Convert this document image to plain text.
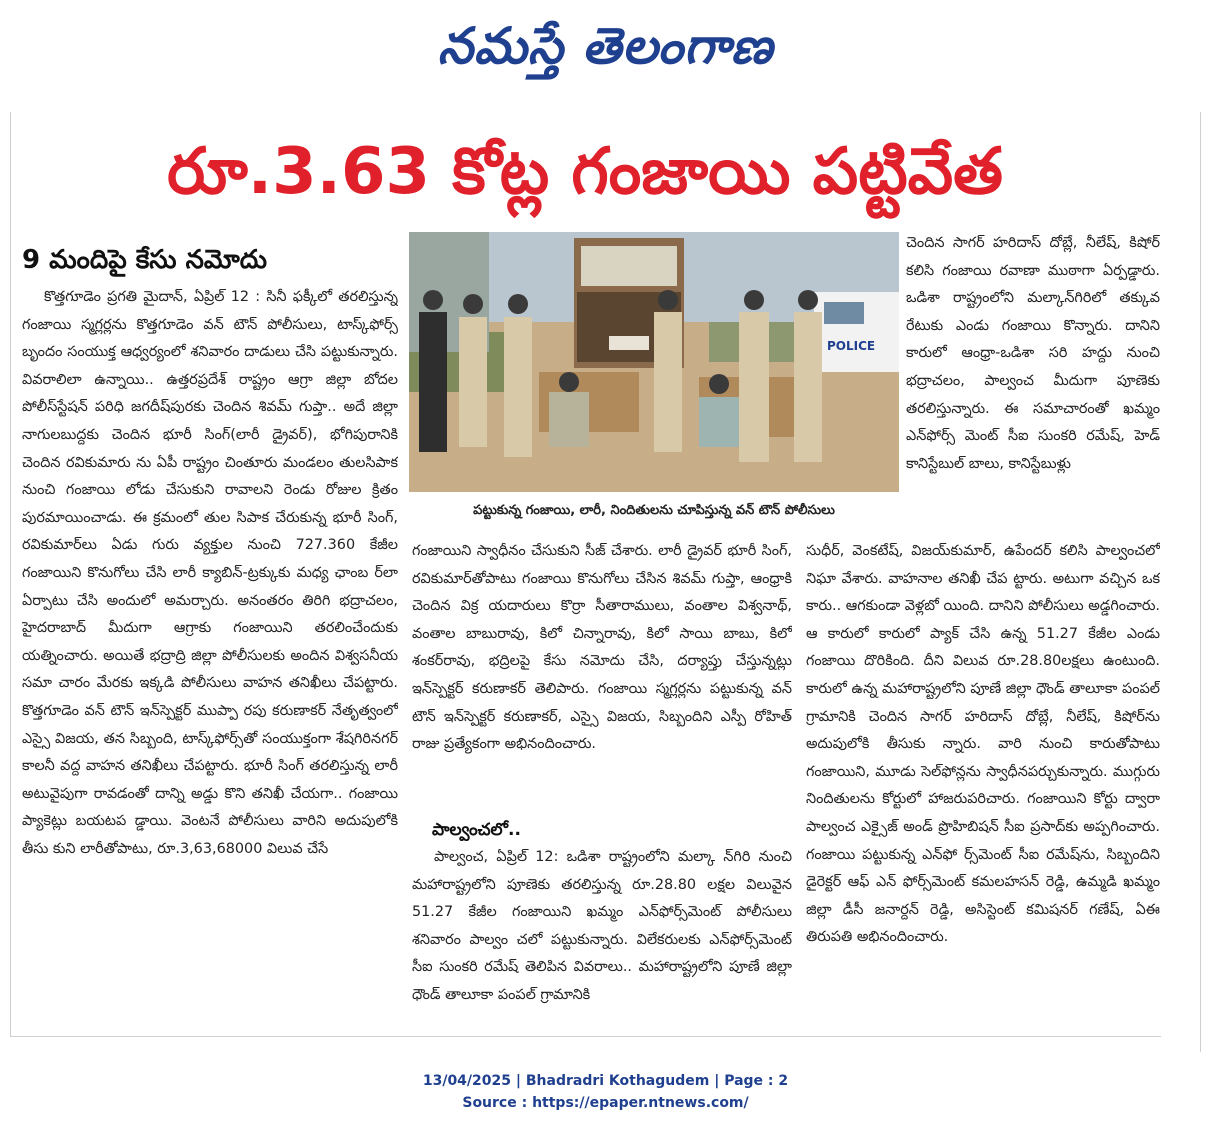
నమస్తే తెలంగాణ
రూ.3.63 కోట్ల గంజాయి పట్టివేత
9 మందిపై కేసు నమోదు

కొత్తగూడెం ప్రగతి మైదాన్, ఏప్రిల్ 12 : సినీ ఫక్కీలో తరలిస్తున్న గంజాయి స్మగ్లర్లను కొత్తగూడెం వన్ టౌన్ పోలీసులు, టాస్క్‌ఫోర్స్ బృందం సంయుక్త ఆధ్వర్యంలో శనివారం దాడులు చేసి పట్టుకున్నారు. వివరాలిలా ఉన్నాయి.. ఉత్తరప్రదేశ్ రాష్ట్రం ఆగ్రా జిల్లా బోదల పోలీస్‌స్టేషన్ పరిధి జగదీష్‌పురకు చెందిన శివమ్ గుప్తా.. అదే జిల్లా నాగులబుద్దకు చెందిన భూరీ సింగ్(లారీ డ్రైవర్), భోగిపురానికి చెందిన రవికుమారు ను ఏపీ రాష్ట్రం చింతూరు మండలం తులసిపాక నుంచి గంజాయి లోడు చేసుకుని రావాలని రెండు రోజుల క్రితం పురమాయించాడు. ఈ క్రమంలో తుల సిపాక చేరుకున్న భూరీ సింగ్, రవికుమార్‌లు ఏడు గురు వ్యక్తుల నుంచి 727.360 కేజీల గంజాయిని కొనుగోలు చేసి లారీ క్యాబిన్-ట్రక్కుకు మధ్య ఛాంబ ర్‌లా ఏర్పాటు చేసి అందులో అమర్చారు. అనంతరం తిరిగి భద్రాచలం, హైదరాబాద్ మీదుగా ఆగ్రాకు గంజాయిని తరలించేందుకు యత్నించారు. అయితే భద్రాద్రి జిల్లా పోలీసులకు అందిన విశ్వసనీయ సమా చారం మేరకు ఇక్కడి పోలీసులు వాహన తనిఖీలు చేపట్టారు. కొత్తగూడెం వన్ టౌన్ ఇన్‌స్పెక్టర్ ముప్పా రపు కరుణాకర్ నేతృత్వంలో ఎస్సై విజయ, తన సిబ్బంది, టాస్క్‌ఫోర్స్‌తో సంయుక్తంగా శేషగిరినగర్ కాలనీ వద్ద వాహన తనిఖీలు చేపట్టారు. భూరీ సింగ్ తరలిస్తున్న లారీ అటువైపుగా రావడంతో దాన్ని అడ్డు కొని తనిఖీ చేయగా.. గంజాయి ప్యాకెట్లు బయటప డ్డాయి. వెంటనే పోలీసులు వారిని అదుపులోకి తీసు కుని లారీతోపాటు, రూ.3,63,68000 విలువ చేసే

POLICE
పట్టుకున్న గంజాయి, లారీ, నిందితులను చూపిస్తున్న వన్ టౌన్ పోలీసులు

చెందిన సాగర్ హరిదాస్ దోబ్లే, నీలేష్, కిషోర్ కలిసి గంజాయి రవాణా ముఠాగా ఏర్పడ్డారు. ఒడిశా రాష్ట్రంలోని మల్కాన్‌గిరిలో తక్కువ రేటుకు ఎండు గంజాయి కొన్నారు. దానిని కారులో ఆంధ్రా-ఒడిశా సరి హద్దు నుంచి భద్రాచలం, పాల్వంచ మీదుగా పూణెకు తరలిస్తున్నారు. ఈ సమాచారంతో ఖమ్మం ఎన్‌ఫోర్స్ మెంట్ సీఐ సుంకరి రమేష్, హెడ్ కానిస్టేబుల్ బాలు, కానిస్టేబుళ్లు

గంజాయిని స్వాధీనం చేసుకుని సీజ్ చేశారు. లారీ డ్రైవర్ భూరీ సింగ్, రవికుమార్‌తోపాటు గంజాయి కొనుగోలు చేసిన శివమ్ గుప్తా, ఆంధ్రాకి చెందిన విక్ర యదారులు కొర్రా సీతారాములు, వంతాల విశ్వనాథ్, వంతాల బాబురావు, కిలో చిన్నారావు, కిలో సాయి బాబు, కిలో శంకర్‌రావు, భద్రిలపై కేసు నమోదు చేసి, దర్యాప్తు చేస్తున్నట్లు ఇన్‌స్పెక్టర్ కరుణాకర్ తెలిపారు. గంజాయి స్మగ్లర్లను పట్టుకున్న వన్ టౌన్ ఇన్‌స్పెక్టర్ కరుణాకర్, ఎస్సై విజయ, సిబ్బందిని ఎస్పీ రోహిత్ రాజు ప్రత్యేకంగా అభినందించారు.

పాల్వంచలో..

పాల్వంచ, ఏప్రిల్ 12: ఒడిశా రాష్ట్రంలోని మల్కా న్‌గిరి నుంచి మహారాష్ట్రలోని పూణెకు తరలిస్తున్న రూ.28.80 లక్షల విలువైన 51.27 కేజీల గంజాయిని ఖమ్మం ఎన్‌ఫోర్స్‌మెంట్ పోలీసులు శనివారం పాల్వం చలో పట్టుకున్నారు. విలేకరులకు ఎన్‌ఫోర్స్‌మెంట్ సీఐ సుంకరి రమేష్ తెలిపిన వివరాలు.. మహారాష్ట్రలోని పూణే జిల్లా ధౌండ్ తాలూకా పంపల్ గ్రామానికి

సుధీర్, వెంకటేష్, విజయ్‌కుమార్, ఉపేందర్ కలిసి పాల్వంచలో నిఘా వేశారు. వాహనాల తనిఖీ చేప ట్టారు. అటుగా వచ్చిన ఒక కారు.. ఆగకుండా వెళ్లబో యింది. దానిని పోలీసులు అడ్డగించారు. ఆ కారులో కారులో ప్యాక్ చేసి ఉన్న 51.27 కేజీల ఎండు గంజాయి దొరికింది. దీని విలువ రూ.28.80లక్షలు ఉంటుంది. కారులో ఉన్న మహారాష్ట్రలోని పూణే జిల్లా ధౌండ్ తాలూకా పంపల్ గ్రామానికి చెందిన సాగర్ హరిదాస్ దోబ్లే, నీలేష్, కిషోర్‌ను అదుపులోకి తీసుకు న్నారు. వారి నుంచి కారుతోపాటు గంజాయిని, మూడు సెల్‌ఫోన్లను స్వాధీనపర్చుకున్నారు. ముగ్గురు నిందితులను కోర్టులో హాజరుపరిచారు. గంజాయిని కోర్టు ద్వారా పాల్వంచ ఎక్సైజ్ అండ్ ప్రొహిబిషన్ సీఐ ప్రసాద్‌కు అప్పగించారు. గంజాయి పట్టుకున్న ఎన్‌ఫో ర్స్‌మెంట్ సీఐ రమేష్‌ను, సిబ్బందిని డైరెక్టర్ ఆఫ్ ఎన్ ఫోర్స్‌మెంట్ కమలహసన్ రెడ్డి, ఉమ్మడి ఖమ్మం జిల్లా డీసీ జనార్దన్ రెడ్డి, అసిస్టెంట్ కమిషనర్ గణేష్, ఏఈ తిరుపతి అభినందించారు.

13/04/2025 | Bhadradri Kothagudem | Page : 2
Source : https://epaper.ntnews.com/
